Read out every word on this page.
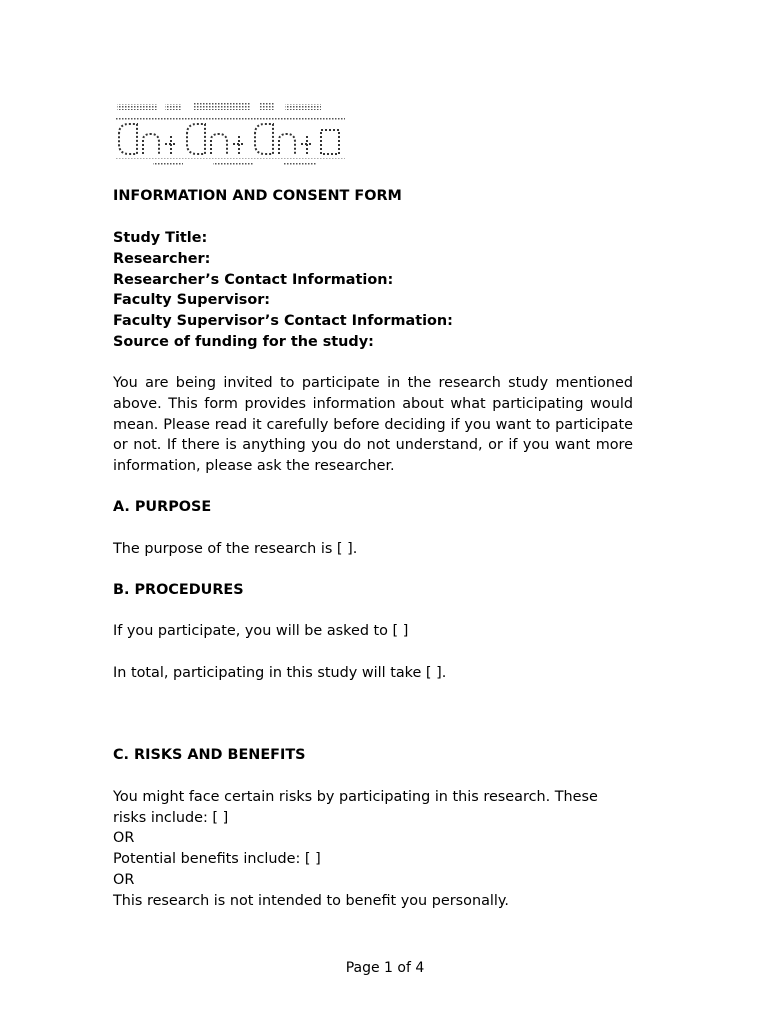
INFORMATION AND CONSENT FORM

Study Title:

Researcher:

Researcher’s Contact Information:

Faculty Supervisor:

Faculty Supervisor’s Contact Information:

Source of funding for the study:

You are being invited to participate in the research study mentioned above. This form provides information about what participating would mean. Please read it carefully before deciding if you want to participate or not. If there is anything you do not understand, or if you want more information, please ask the researcher.

A. PURPOSE

The purpose of the research is [ ].

B. PROCEDURES

If you participate, you will be asked to [ ]

In total, participating in this study will take [ ].

C. RISKS AND BENEFITS

You might face certain risks by participating in this research. These risks include: [ ]

OR

Potential benefits include: [ ]

OR

This research is not intended to benefit you personally.

Page 1 of 4
